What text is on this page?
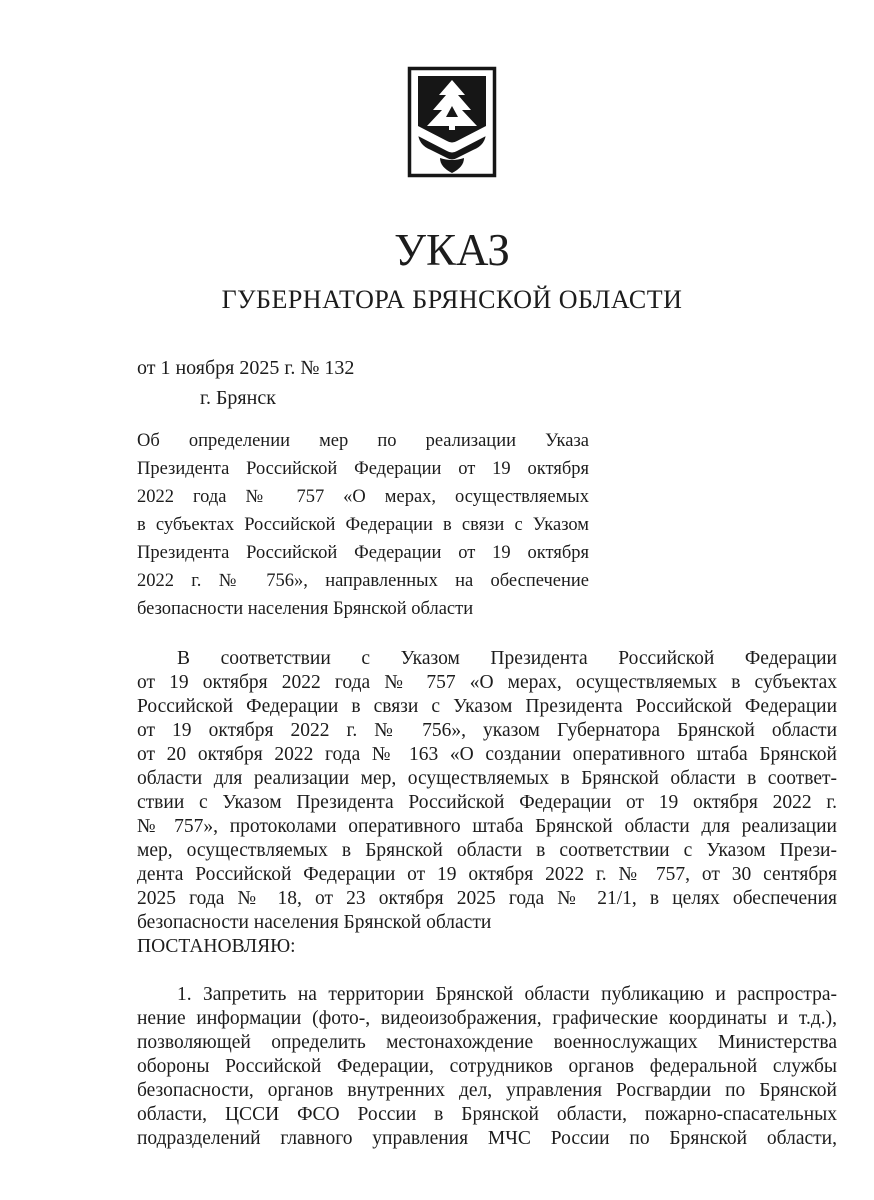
УКАЗ
ГУБЕРНАТОРА БРЯНСКОЙ ОБЛАСТИ
от 1 ноября 2025 г. № 132
г. Брянск
Об определении мер по реализации Указа
Президента Российской Федерации от 19 октября
2022 года № 757 «О мерах, осуществляемых
в субъектах Российской Федерации в связи с Указом
Президента Российской Федерации от 19 октября
2022 г. № 756», направленных на обеспечение
безопасности населения Брянской области
В соответствии с Указом Президента Российской Федерации
от 19 октября 2022 года № 757 «О мерах, осуществляемых в субъектах
Российской Федерации в связи с Указом Президента Российской Федерации
от 19 октября 2022 г. № 756», указом Губернатора Брянской области
от 20 октября 2022 года № 163 «О создании оперативного штаба Брянской
области для реализации мер, осуществляемых в Брянской области в соответ-
ствии с Указом Президента Российской Федерации от 19 октября 2022 г.
№ 757», протоколами оперативного штаба Брянской области для реализации
мер, осуществляемых в Брянской области в соответствии с Указом Прези-
дента Российской Федерации от 19 октября 2022 г. № 757, от 30 сентября
2025 года № 18, от 23 октября 2025 года № 21/1, в целях обеспечения
безопасности населения Брянской области
ПОСТАНОВЛЯЮ:
1. Запретить на территории Брянской области публикацию и распростра-
нение информации (фото-, видеоизображения, графические координаты и т.д.),
позволяющей определить местонахождение военнослужащих Министерства
обороны Российской Федерации, сотрудников органов федеральной службы
безопасности, органов внутренних дел, управления Росгвардии по Брянской
области, ЦССИ ФСО России в Брянской области, пожарно-спасательных
подразделений главного управления МЧС России по Брянской области,
